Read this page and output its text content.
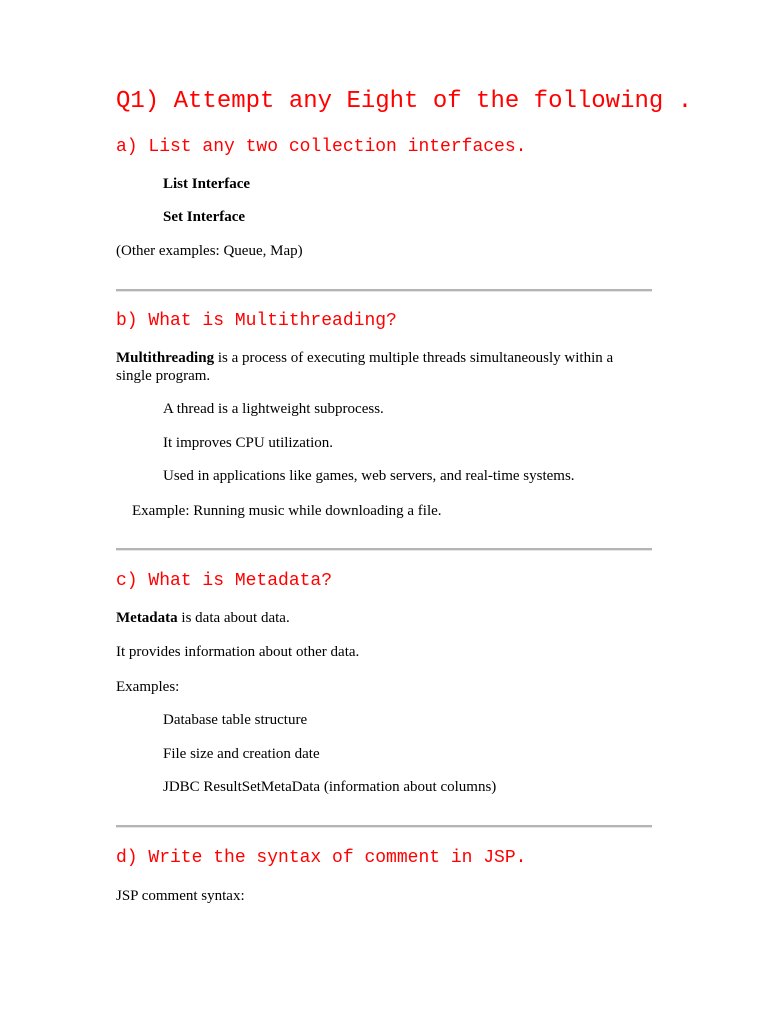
Q1) Attempt any Eight of the following .
a) List any two collection interfaces.

List Interface

Set Interface

(Other examples: Queue, Map)

b) What is Multithreading?

Multithreading is a process of executing multiple threads simultaneously within a single program.

A thread is a lightweight subprocess.

It improves CPU utilization.

Used in applications like games, web servers, and real-time systems.

Example: Running music while downloading a file.

c) What is Metadata?

Metadata is data about data.

It provides information about other data.

Examples:

Database table structure

File size and creation date

JDBC ResultSetMetaData (information about columns)

d) Write the syntax of comment in JSP.

JSP comment syntax:
